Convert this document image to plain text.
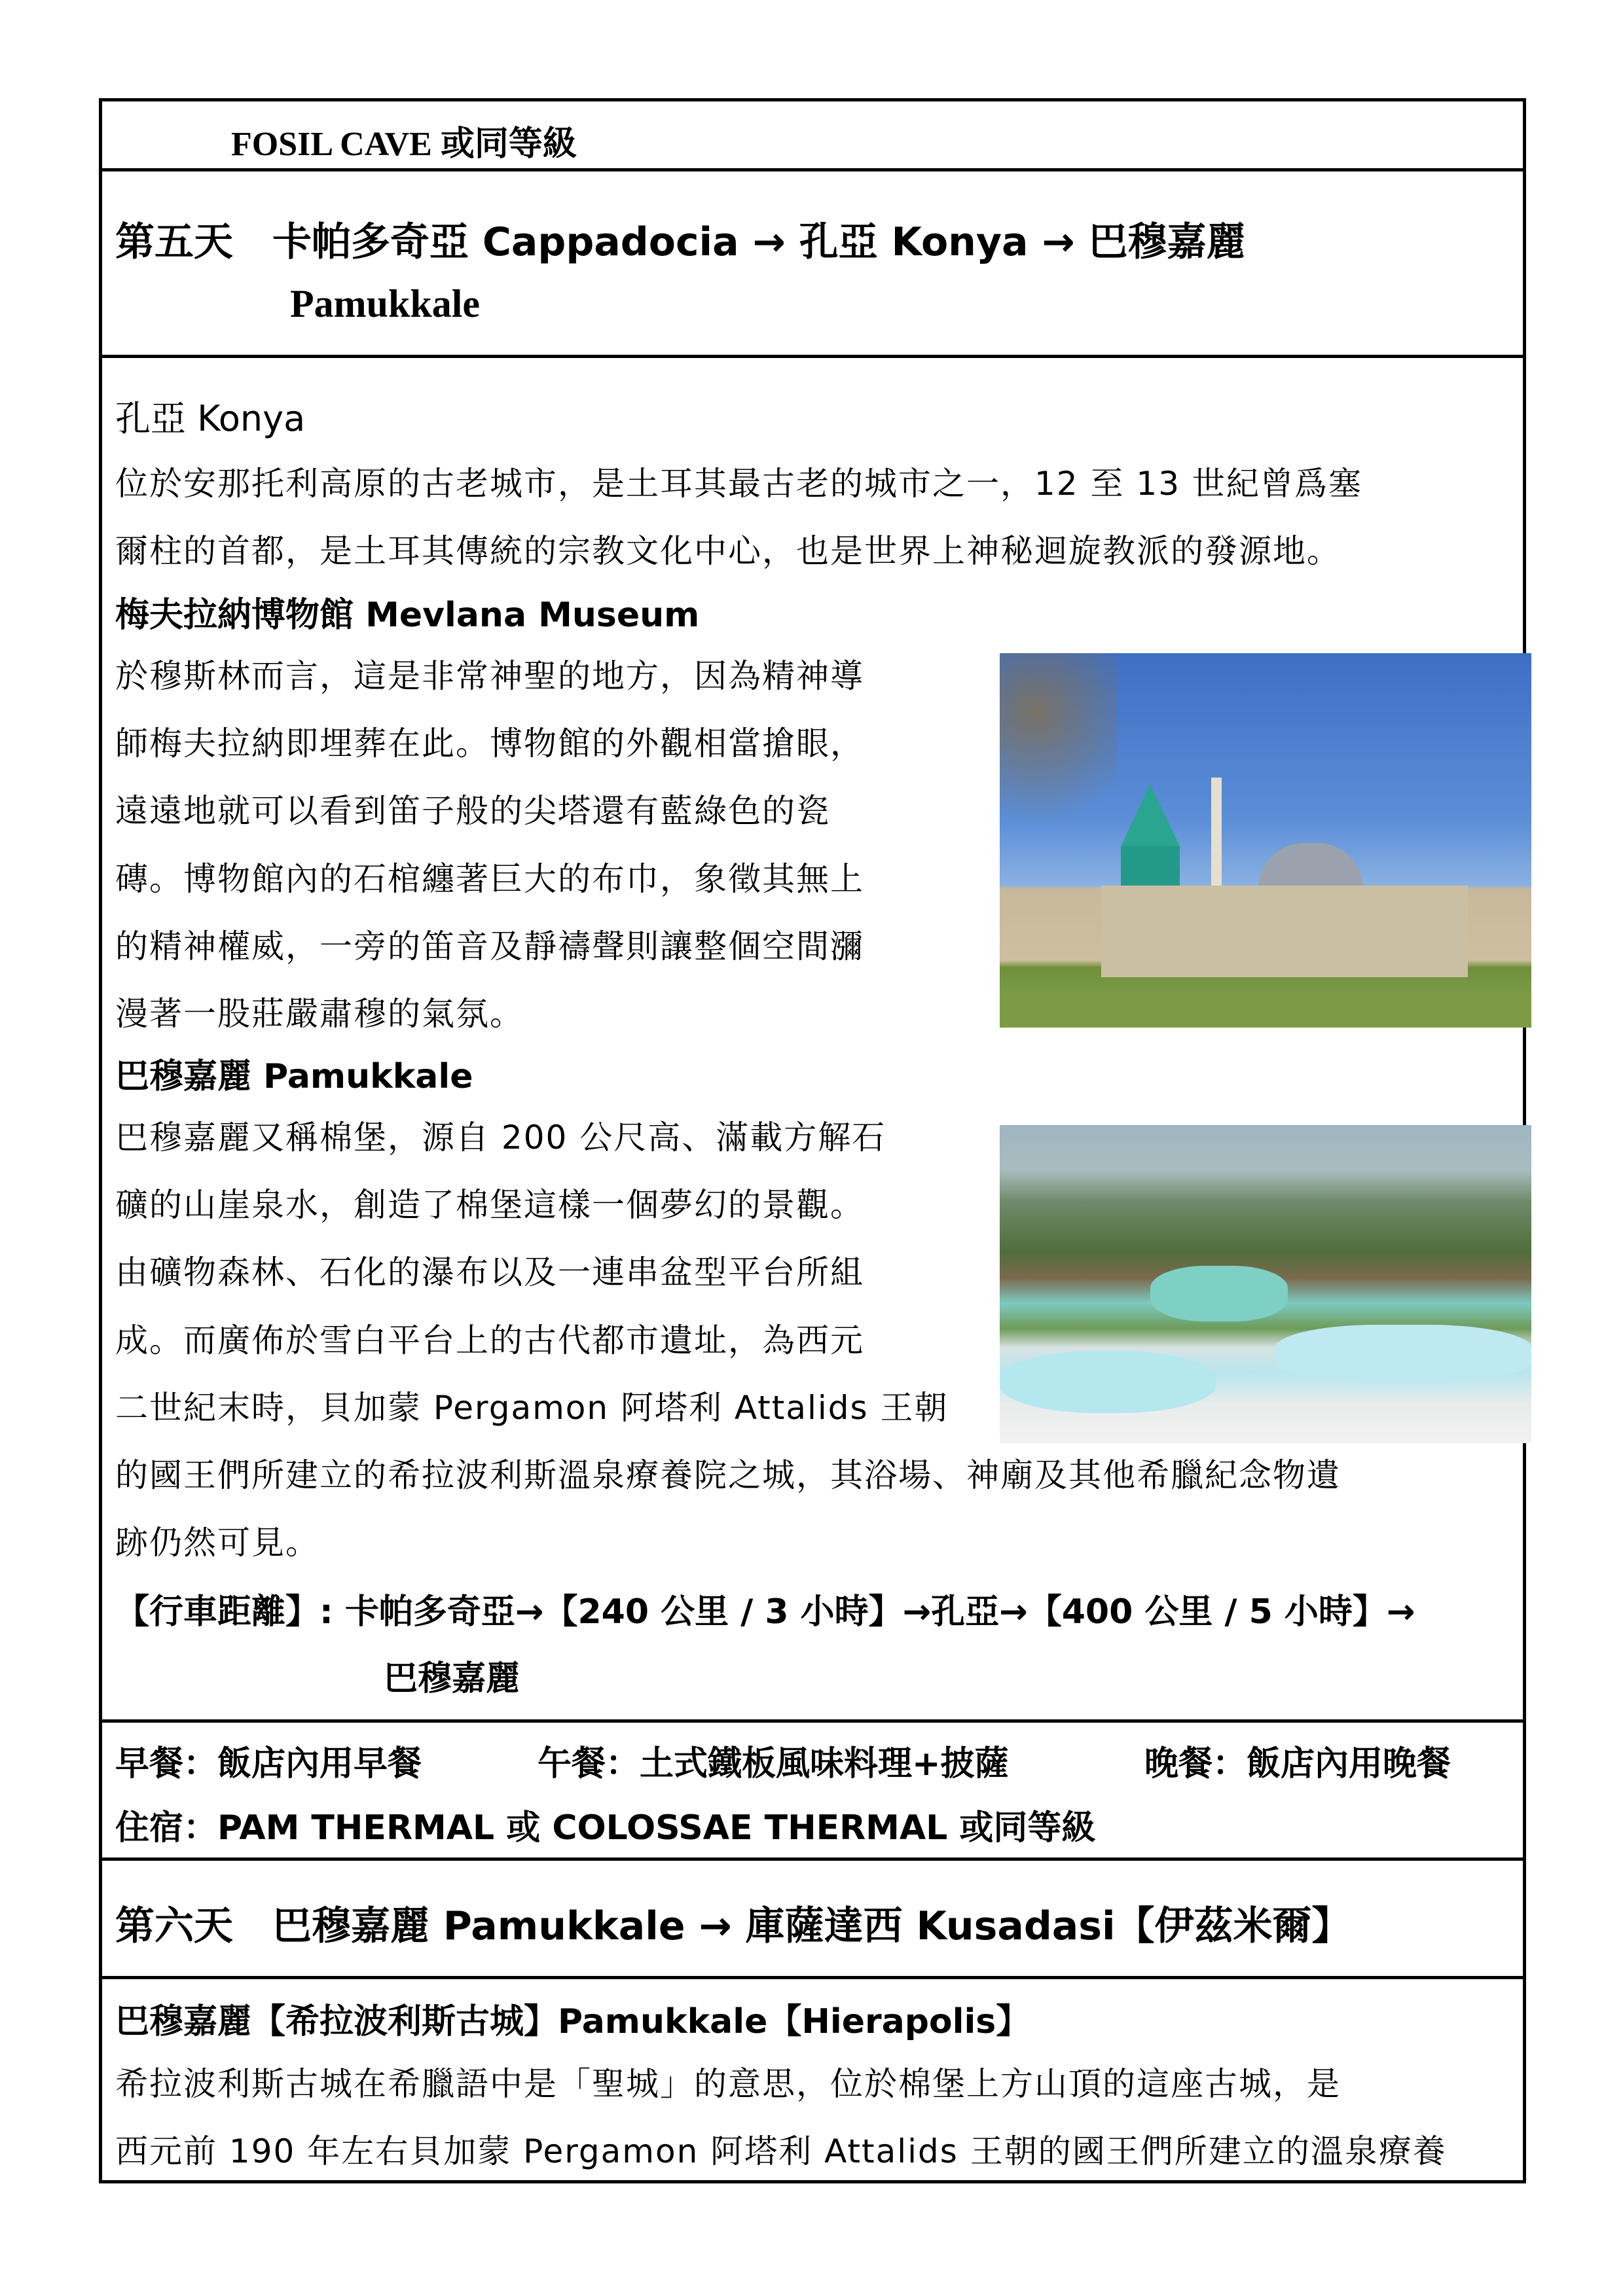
FOSIL CAVE 或同等級
第五天　卡帕多奇亞 Cappadocia → 孔亞 Konya → 巴穆嘉麗
Pamukkale
孔亞 Konya
位於安那托利高原的古老城市，是土耳其最古老的城市之一，12 至 13 世紀曾爲塞
爾柱的首都，是土耳其傳統的宗教文化中心，也是世界上神秘迴旋教派的發源地。
梅夫拉納博物館 Mevlana Museum
於穆斯林而言，這是非常神聖的地方，因為精神導
師梅夫拉納即埋葬在此。博物館的外觀相當搶眼，
遠遠地就可以看到笛子般的尖塔還有藍綠色的瓷
磚。博物館內的石棺纏著巨大的布巾，象徵其無上
的精神權威，一旁的笛音及靜禱聲則讓整個空間瀰
漫著一股莊嚴肅穆的氣氛。
巴穆嘉麗 Pamukkale
巴穆嘉麗又稱棉堡，源自 200 公尺高、滿載方解石
礦的山崖泉水，創造了棉堡這樣一個夢幻的景觀。
由礦物森林、石化的瀑布以及一連串盆型平台所組
成。而廣佈於雪白平台上的古代都市遺址，為西元
二世紀末時，貝加蒙 Pergamon 阿塔利 Attalids 王朝
的國王們所建立的希拉波利斯溫泉療養院之城，其浴場、神廟及其他希臘紀念物遺
跡仍然可見。
【行車距離】: 卡帕多奇亞→【240 公里 / 3 小時】→孔亞→【400 公里 / 5 小時】→
巴穆嘉麗
早餐：飯店內用早餐	午餐：土式鐵板風味料理+披薩	晚餐：飯店內用晚餐
住宿：PAM THERMAL 或 COLOSSAE THERMAL 或同等級
第六天　巴穆嘉麗 Pamukkale → 庫薩達西 Kusadasi【伊茲米爾】
巴穆嘉麗【希拉波利斯古城】Pamukkale【Hierapolis】
希拉波利斯古城在希臘語中是「聖城」的意思，位於棉堡上方山頂的這座古城，是
西元前 190 年左右貝加蒙 Pergamon 阿塔利 Attalids 王朝的國王們所建立的溫泉療養
